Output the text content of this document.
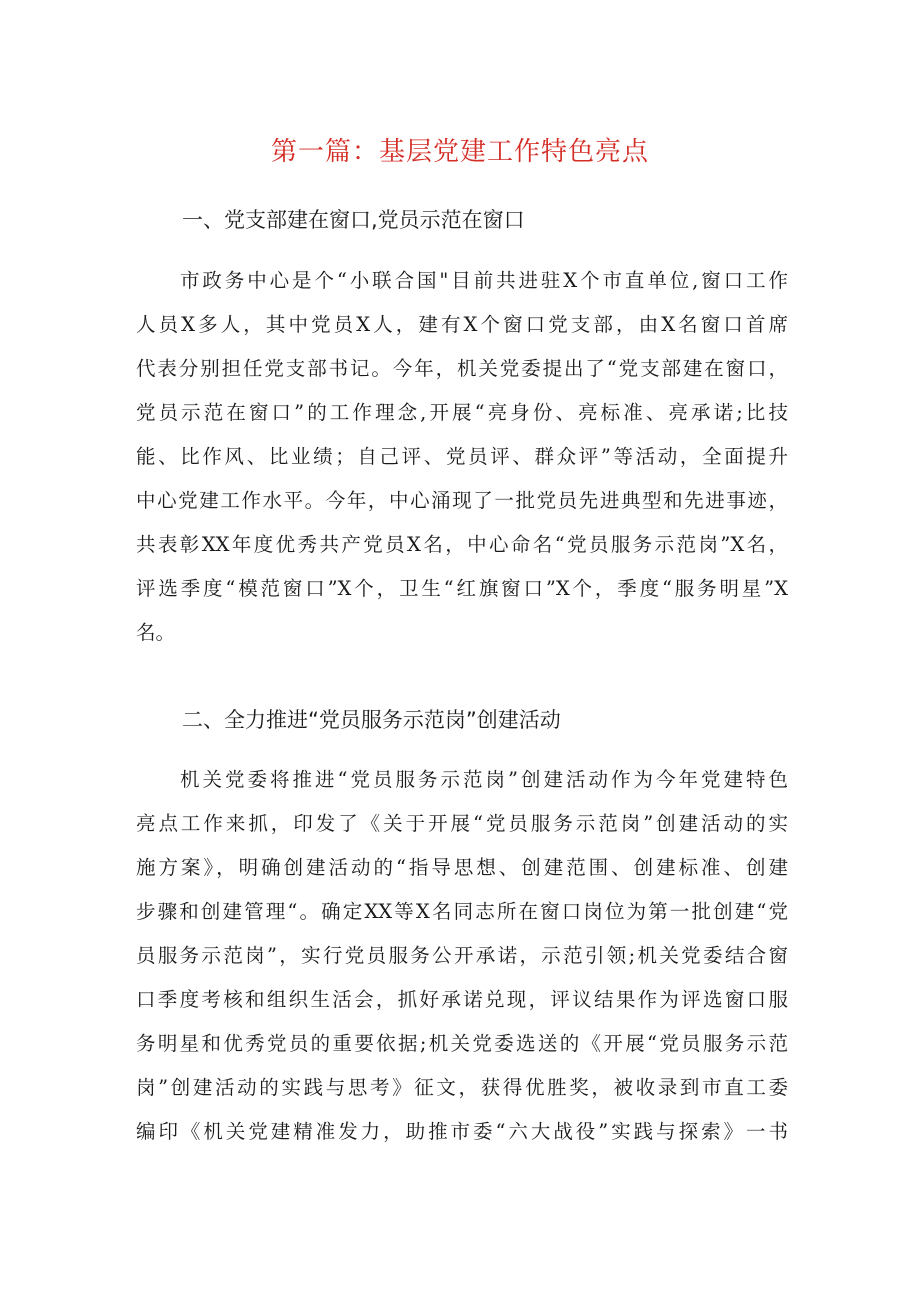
第一篇：基层党建工作特色亮点
一、党支部建在窗口,党员示范在窗口
市政务中心是个“小联合国"目前共进驻X个市直单位,窗口工作
人员X多人，其中党员X人，建有X个窗口党支部，由X名窗口首席
代表分别担任党支部书记。今年，机关党委提出了“党支部建在窗口，
党员示范在窗口”的工作理念,开展“亮身份、亮标准、亮承诺;比技
能、比作风、比业绩；自己评、党员评、群众评”等活动，全面提升
中心党建工作水平。今年，中心涌现了一批党员先进典型和先进事迹，
共表彰XX年度优秀共产党员X名，中心命名“党员服务示范岗”X名，
评选季度“模范窗口”X个，卫生“红旗窗口”X个，季度“服务明星”X
名。
二、全力推进“党员服务示范岗”创建活动
机关党委将推进“党员服务示范岗”创建活动作为今年党建特色
亮点工作来抓，印发了《关于开展“党员服务示范岗”创建活动的实
施方案》，明确创建活动的“指导思想、创建范围、创建标准、创建
步骤和创建管理“。确定XX等X名同志所在窗口岗位为第一批创建“党
员服务示范岗”，实行党员服务公开承诺，示范引领;机关党委结合窗
口季度考核和组织生活会，抓好承诺兑现，评议结果作为评选窗口服
务明星和优秀党员的重要依据;机关党委选送的《开展“党员服务示范
岗”创建活动的实践与思考》征文，获得优胜奖，被收录到市直工委
编印《机关党建精准发力，助推市委“六大战役”实践与探索》一书
